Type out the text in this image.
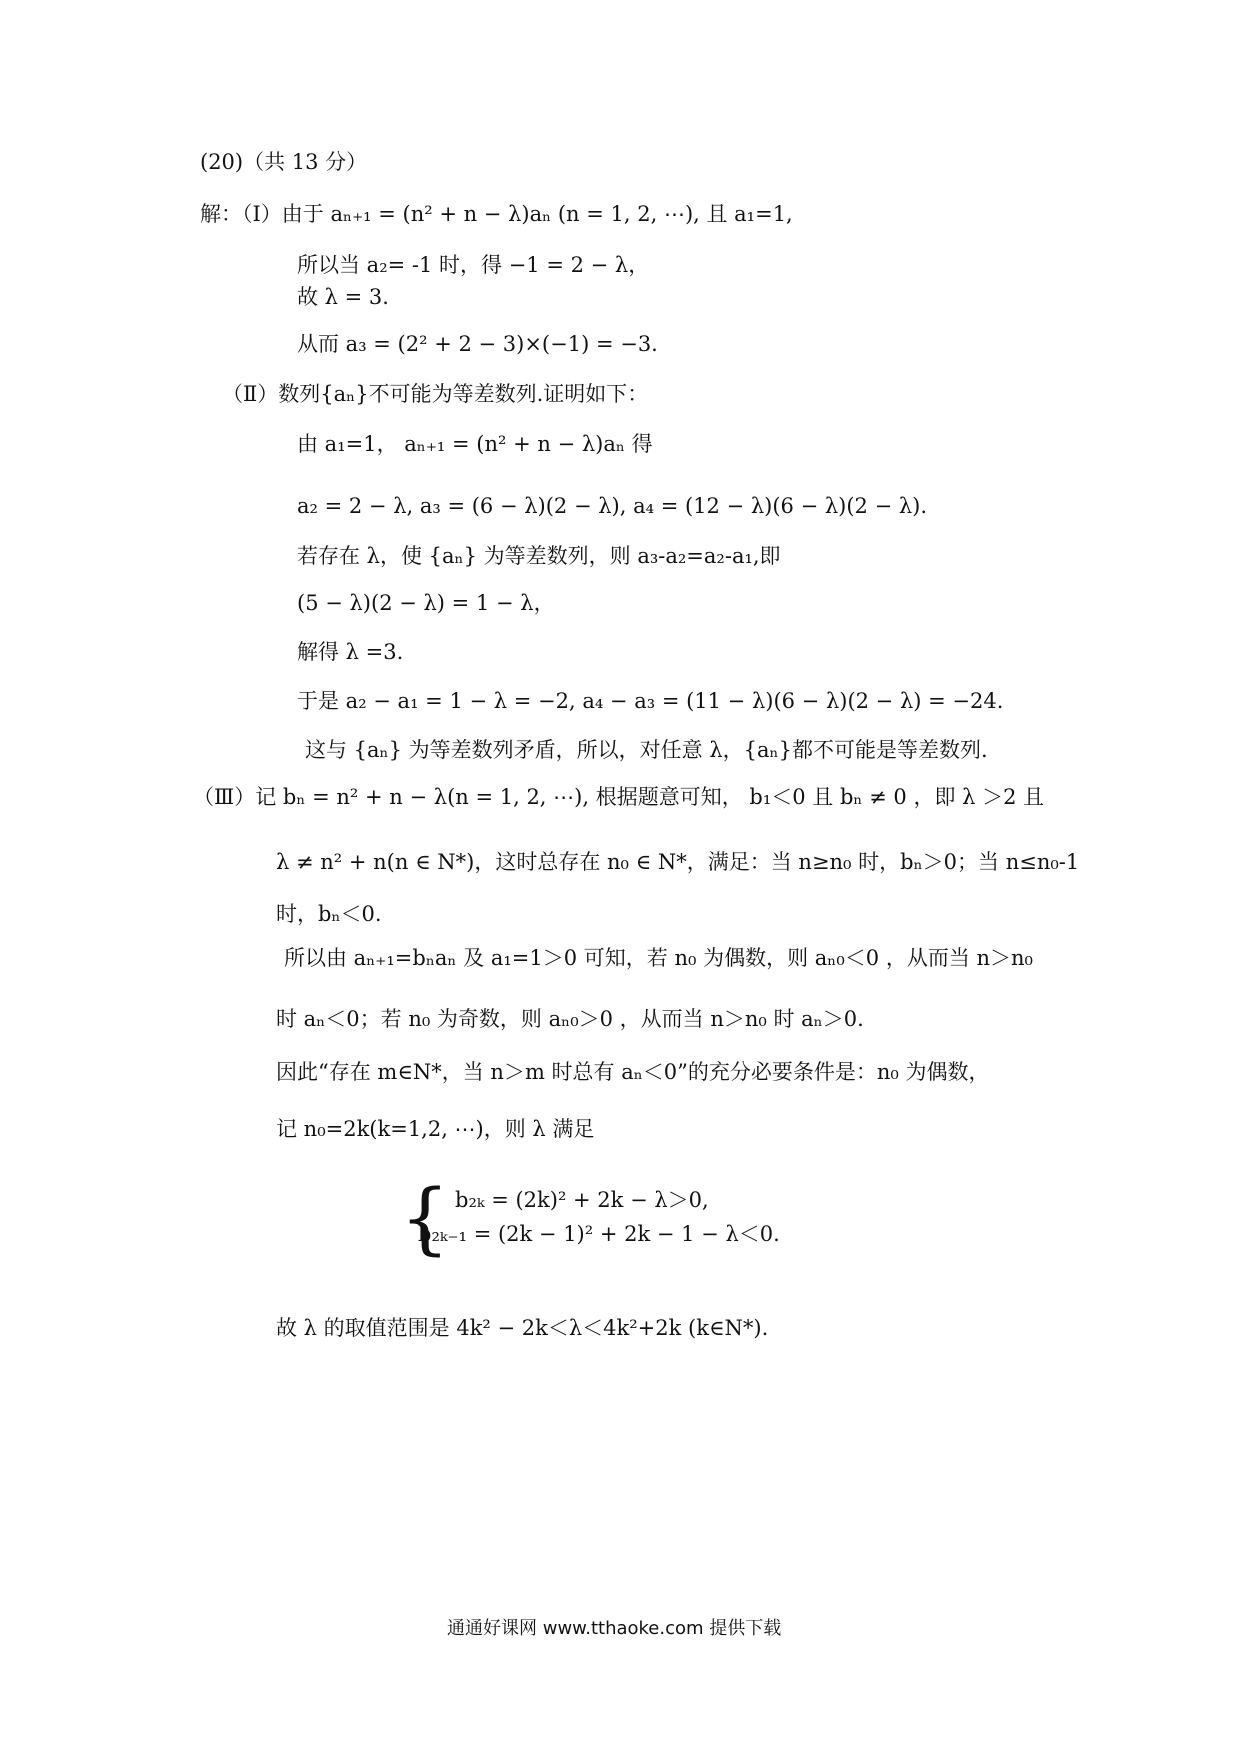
(20)（共 13 分）
解：（Ⅰ）由于 aₙ₊₁ = (n² + n − λ)aₙ (n = 1, 2, ⋯), 且 a₁=1,
所以当 a₂= -1 时，得 −1 = 2 − λ，
故 λ = 3.
从而 a₃ = (2² + 2 − 3)×(−1) = −3.
（Ⅱ）数列{aₙ}不可能为等差数列.证明如下：
由 a₁=1， aₙ₊₁ = (n² + n − λ)aₙ 得
a₂ = 2 − λ, a₃ = (6 − λ)(2 − λ), a₄ = (12 − λ)(6 − λ)(2 − λ).
若存在 λ，使 {aₙ} 为等差数列，则 a₃-a₂=a₂-a₁,即
(5 − λ)(2 − λ) = 1 − λ，
解得 λ =3.
于是 a₂ − a₁ = 1 − λ = −2, a₄ − a₃ = (11 − λ)(6 − λ)(2 − λ) = −24.
这与 {aₙ} 为等差数列矛盾，所以，对任意 λ，{aₙ}都不可能是等差数列.
（Ⅲ）记 bₙ = n² + n − λ(n = 1, 2, ⋯), 根据题意可知， b₁＜0 且 bₙ ≠ 0 ，即 λ ＞2 且
λ ≠ n² + n(n ∈ N*)，这时总存在 n₀ ∈ N*，满足：当 n≥n₀ 时，bₙ＞0；当 n≤n₀-1
时，bₙ＜0.
所以由 aₙ₊₁=bₙaₙ 及 a₁=1＞0 可知，若 n₀ 为偶数，则 aₙ₀＜0 ，从而当 n＞n₀
时 aₙ＜0；若 n₀ 为奇数，则 aₙ₀＞0 ，从而当 n＞n₀ 时 aₙ＞0.
因此“存在 m∈N*，当 n＞m 时总有 aₙ＜0”的充分必要条件是：n₀ 为偶数，
记 n₀=2k(k=1,2, ⋯)，则 λ 满足
{ b₂ₖ = (2k)² + 2k − λ＞0,
b₂ₖ₋₁ = (2k − 1)² + 2k − 1 − λ＜0.
故 λ 的取值范围是 4k² − 2k＜λ＜4k²+2k (k∈N*).
通通好课网 www.tthaoke.com 提供下载
